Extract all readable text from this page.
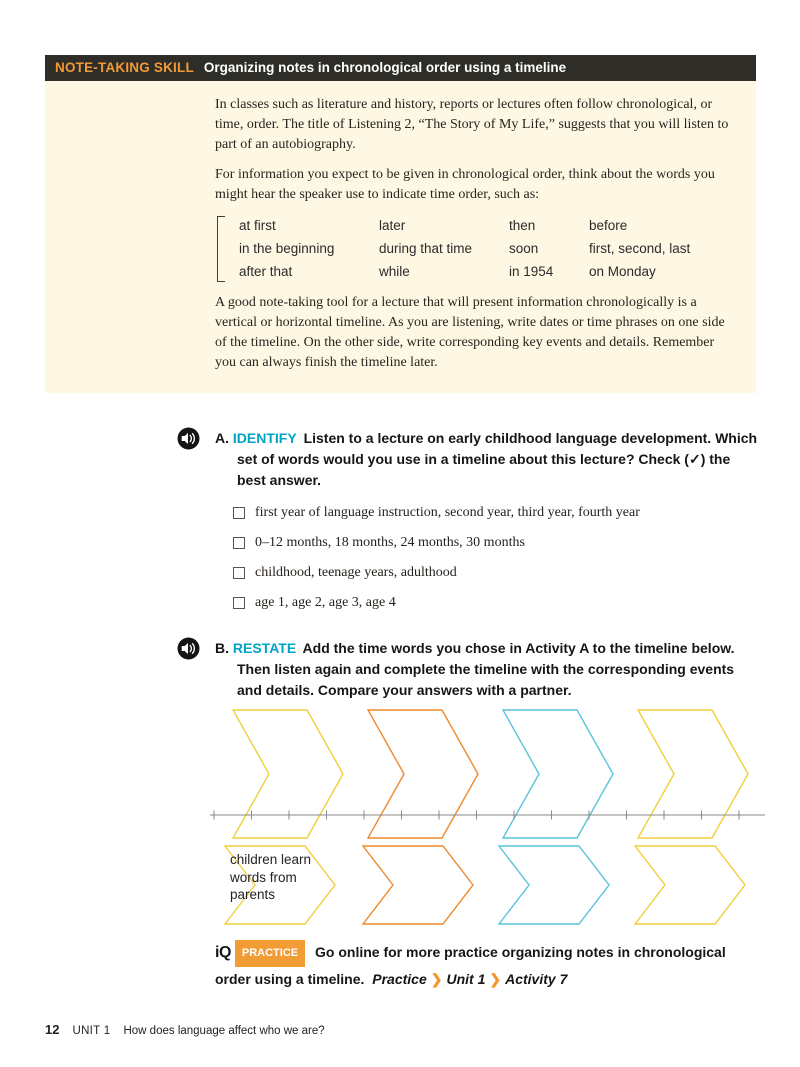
NOTE-TAKING SKILL Organizing notes in chronological order using a timeline

In classes such as literature and history, reports or lectures often follow chronological, or time, order. The title of Listening 2, “The Story of My Life,” suggests that you will listen to part of an autobiography.

For information you expect to be given in chronological order, think about the words you might hear the speaker use to indicate time order, such as:

at first	later	then	before
in the beginning	during that time	soon	first, second, last
after that	while	in 1954	on Monday

A good note-taking tool for a lecture that will present information chronologically is a vertical or horizontal timeline. As you are listening, write dates or time phrases on one side of the timeline. On the other side, write corresponding key events and details. Remember you can always finish the timeline later.

A. IDENTIFY Listen to a lecture on early childhood language development. Which set of words would you use in a timeline about this lecture? Check (✓) the best answer.

first year of language instruction, second year, third year, fourth year
0–12 months, 18 months, 24 months, 30 months
childhood, teenage years, adulthood
age 1, age 2, age 3, age 4

B. RESTATE Add the time words you chose in Activity A to the timeline below. Then listen again and complete the timeline with the corresponding events and details. Compare your answers with a partner.

children learn words from parents

iQ PRACTICE Go online for more practice organizing notes in chronological order using a timeline. Practice ❯ Unit 1 ❯ Activity 7

12 UNIT 1 How does language affect who we are?
